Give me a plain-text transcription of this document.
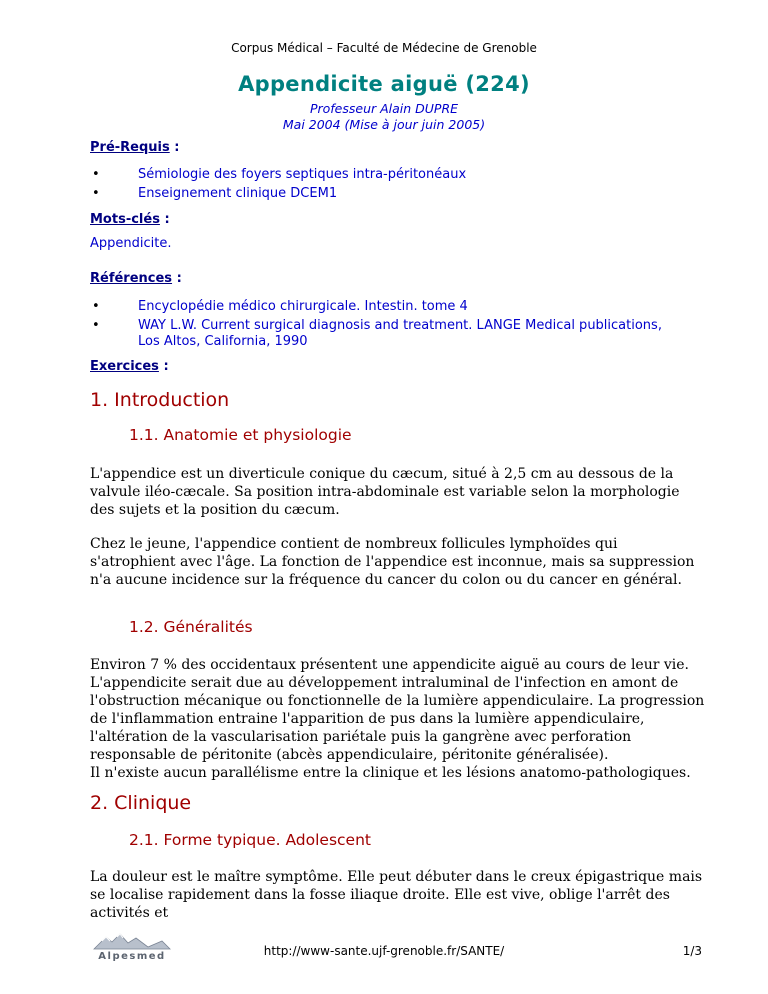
Corpus Médical – Faculté de Médecine de Grenoble
Appendicite aiguë (224)
Professeur Alain DUPRE
Mai 2004 (Mise à jour juin 2005)
Pré-Requis :
• Sémiologie des foyers septiques intra-péritonéaux
• Enseignement clinique DCEM1
Mots-clés :
Appendicite.
Références :
• Encyclopédie médico chirurgicale. Intestin. tome 4
• WAY L.W. Current surgical diagnosis and treatment. LANGE Medical publications, Los Altos, California, 1990
Exercices :
1. Introduction
1.1. Anatomie et physiologie
L'appendice est un diverticule conique du cæcum, situé à 2,5 cm au dessous de la valvule iléo-cæcale. Sa position intra-abdominale est variable selon la morphologie des sujets et la position du cæcum.
Chez le jeune, l'appendice contient de nombreux follicules lymphoïdes qui s'atrophient avec l'âge. La fonction de l'appendice est inconnue, mais sa suppression n'a aucune incidence sur la fréquence du cancer du colon ou du cancer en général.
1.2. Généralités
Environ 7 % des occidentaux présentent une appendicite aiguë au cours de leur vie. L'appendicite serait due au développement intraluminal de l'infection en amont de l'obstruction mécanique ou fonctionnelle de la lumière appendiculaire. La progression de l'inflammation entraine l'apparition de pus dans la lumière appendiculaire, l'altération de la vascularisation pariétale puis la gangrène avec perforation responsable de péritonite (abcès appendiculaire, péritonite généralisée).
Il n'existe aucun parallélisme entre la clinique et les lésions anatomo-pathologiques.
2. Clinique
2.1. Forme typique. Adolescent
La douleur est le maître symptôme. Elle peut débuter dans le creux épigastrique mais se localise rapidement dans la fosse iliaque droite. Elle est vive, oblige l'arrêt des activités et
Alpesmed	http://www-sante.ujf-grenoble.fr/SANTE/	1/3
